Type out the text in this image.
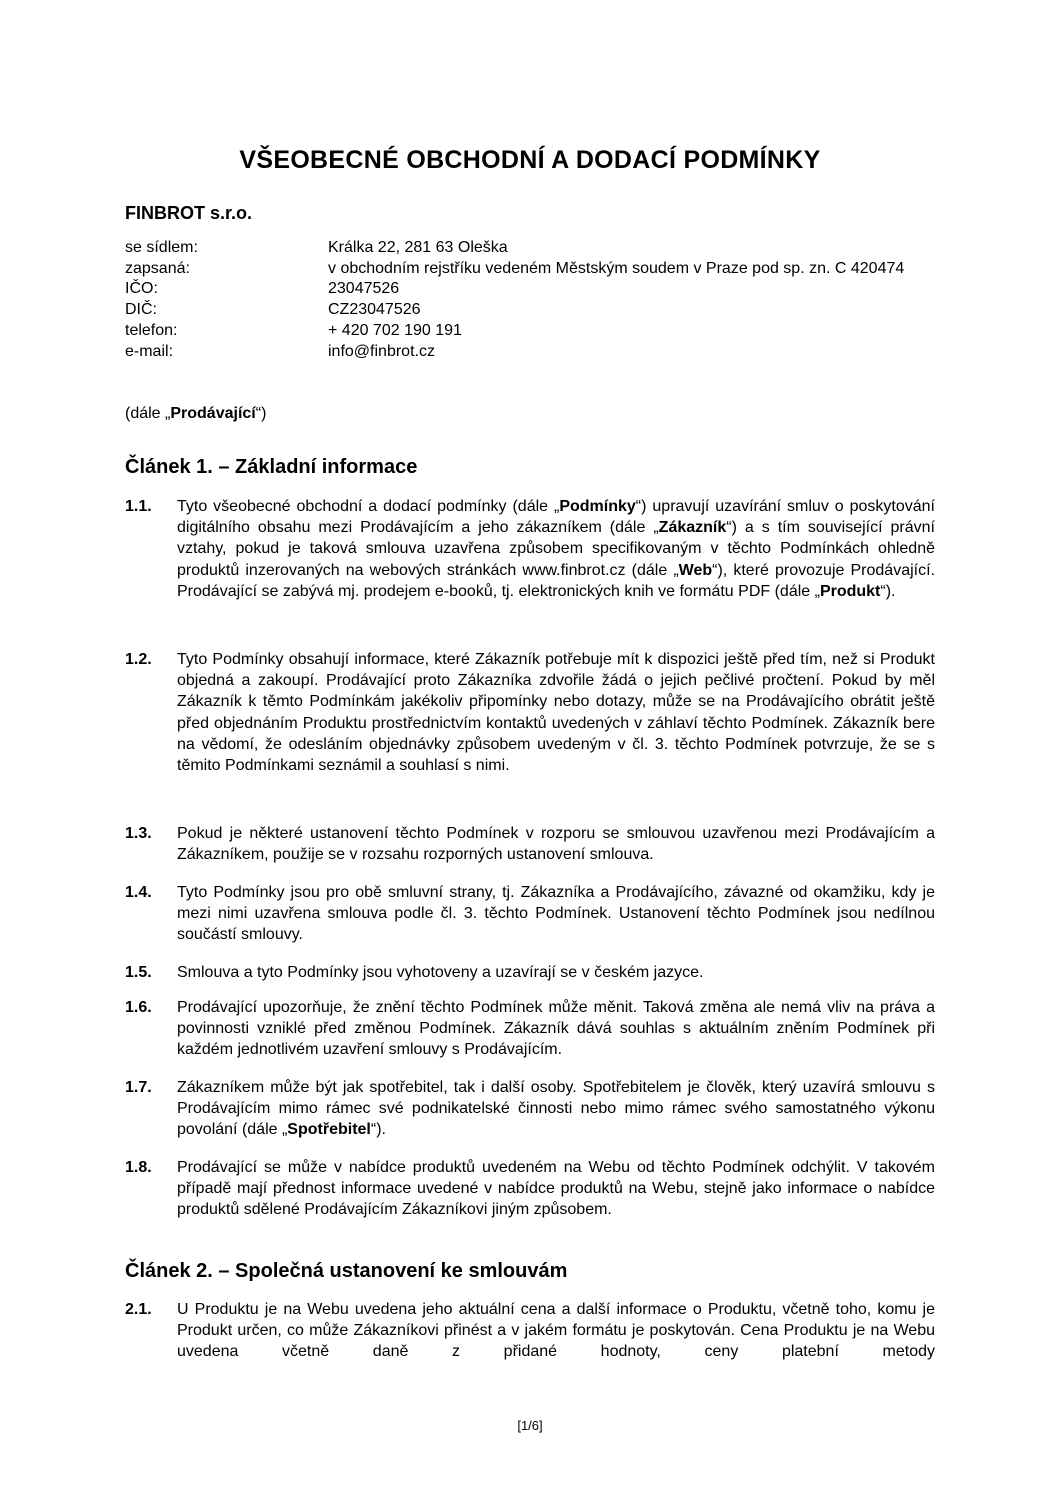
VŠEOBECNÉ OBCHODNÍ A DODACÍ PODMÍNKY
FINBROT s.r.o.
se sídlem:	Králka 22, 281 63 Oleška
zapsaná:	v obchodním rejstříku vedeném Městským soudem v Praze pod sp. zn. C 420474
IČO:	23047526
DIČ:	CZ23047526
telefon:	+ 420 702 190 191
e-mail:	info@finbrot.cz
(dále „Prodávající“)
Článek 1. – Základní informace
1.1.	Tyto všeobecné obchodní a dodací podmínky (dále „Podmínky“) upravují uzavírání smluv o poskytování digitálního obsahu mezi Prodávajícím a jeho zákazníkem (dále „Zákazník“) a s tím související právní vztahy, pokud je taková smlouva uzavřena způsobem specifikovaným v těchto Podmínkách ohledně produktů inzerovaných na webových stránkách www.finbrot.cz (dále „Web“), které provozuje Prodávající. Prodávající se zabývá mj. prodejem e-booků, tj. elektronických knih ve formátu PDF (dále „Produkt“).
1.2.	Tyto Podmínky obsahují informace, které Zákazník potřebuje mít k dispozici ještě před tím, než si Produkt objedná a zakoupí. Prodávající proto Zákazníka zdvořile žádá o jejich pečlivé pročtení. Pokud by měl Zákazník k těmto Podmínkám jakékoliv připomínky nebo dotazy, může se na Prodávajícího obrátit ještě před objednáním Produktu prostřednictvím kontaktů uvedených v záhlaví těchto Podmínek. Zákazník bere na vědomí, že odesláním objednávky způsobem uvedeným v čl. 3. těchto Podmínek potvrzuje, že se s těmito Podmínkami seznámil a souhlasí s nimi.
1.3.	Pokud je některé ustanovení těchto Podmínek v rozporu se smlouvou uzavřenou mezi Prodávajícím a Zákazníkem, použije se v rozsahu rozporných ustanovení smlouva.
1.4.	Tyto Podmínky jsou pro obě smluvní strany, tj. Zákazníka a Prodávajícího, závazné od okamžiku, kdy je mezi nimi uzavřena smlouva podle čl. 3. těchto Podmínek. Ustanovení těchto Podmínek jsou nedílnou součástí smlouvy.
1.5.	Smlouva a tyto Podmínky jsou vyhotoveny a uzavírají se v českém jazyce.
1.6.	Prodávající upozorňuje, že znění těchto Podmínek může měnit. Taková změna ale nemá vliv na práva a povinnosti vzniklé před změnou Podmínek. Zákazník dává souhlas s aktuálním zněním Podmínek při každém jednotlivém uzavření smlouvy s Prodávajícím.
1.7.	Zákazníkem může být jak spotřebitel, tak i další osoby. Spotřebitelem je člověk, který uzavírá smlouvu s Prodávajícím mimo rámec své podnikatelské činnosti nebo mimo rámec svého samostatného výkonu povolání (dále „Spotřebitel“).
1.8.	Prodávající se může v nabídce produktů uvedeném na Webu od těchto Podmínek odchýlit. V takovém případě mají přednost informace uvedené v nabídce produktů na Webu, stejně jako informace o nabídce produktů sdělené Prodávajícím Zákazníkovi jiným způsobem.
Článek 2. – Společná ustanovení ke smlouvám
2.1.	U Produktu je na Webu uvedena jeho aktuální cena a další informace o Produktu, včetně toho, komu je Produkt určen, co může Zákazníkovi přinést a v jakém formátu je poskytován. Cena Produktu je na Webu uvedena včetně daně z přidané hodnoty, ceny platební metody
[1/6]
